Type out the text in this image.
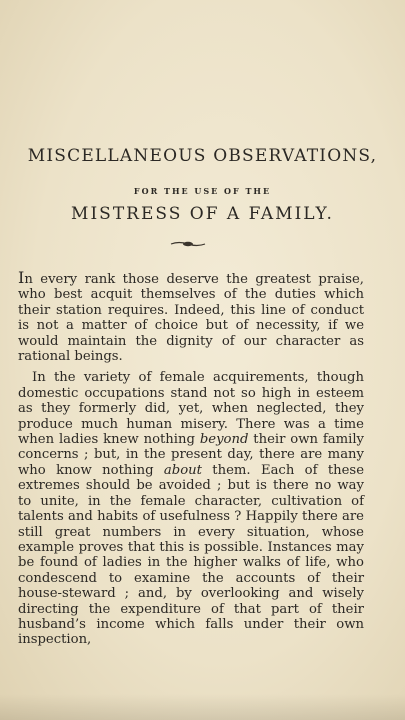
MISCELLANEOUS OBSERVATIONS,
FOR THE USE OF THE
MISTRESS OF A FAMILY.

In every rank those deserve the greatest praise, who best acquit themselves of the duties which their station requires. Indeed, this line of conduct is not a matter of choice but of necessity, if we would maintain the dignity of our character as rational beings.

In the variety of female acquirements, though domestic occupations stand not so high in esteem as they formerly did, yet, when neglected, they produce much human misery. There was a time when ladies knew nothing beyond their own family concerns ; but, in the present day, there are many who know nothing about them. Each of these extremes should be avoided ; but is there no way to unite, in the female character, cultivation of talents and habits of usefulness ? Happily there are still great numbers in every situation, whose example proves that this is possible. Instances may be found of ladies in the higher walks of life, who condescend to examine the accounts of their house-steward ; and, by overlooking and wisely directing the expenditure of that part of their husband’s income which falls under their own inspection,
